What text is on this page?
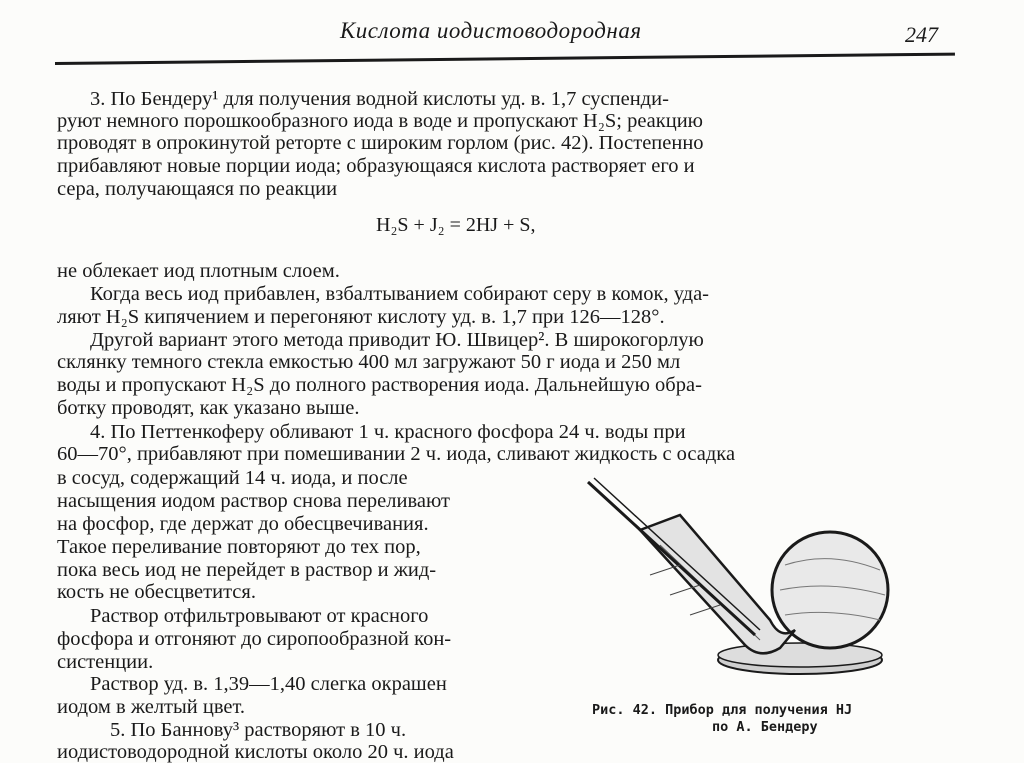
Кислота иодистоводородная	247
3. По Бендеру¹ для получения водной кислоты уд. в. 1,7 суспенди-
руют немного порошкообразного иода в воде и пропускают H₂S; реакцию
проводят в опрокинутой реторте с широким горлом (рис. 42). Постепенно
прибавляют новые порции иода; образующаяся кислота растворяет его и
сера, получающаяся по реакции
H₂S + J₂ = 2HJ + S,
не облекает иод плотным слоем.
Когда весь иод прибавлен, взбалтыванием собирают серу в комок, уда-
ляют H₂S кипячением и перегоняют кислоту уд. в. 1,7 при 126—128°.
Другой вариант этого метода приводит Ю. Швицер². В широкогорлую
склянку темного стекла емкостью 400 мл загружают 50 г иода и 250 мл
воды и пропускают H₂S до полного растворения иода. Дальнейшую обра-
ботку проводят, как указано выше.
4. По Петтенкоферу обливают 1 ч. красного фосфора 24 ч. воды при
60—70°, прибавляют при помешивании 2 ч. иода, сливают жидкость с осадка
в сосуд, содержащий 14 ч. иода, и после
насыщения иодом раствор снова переливают
на фосфор, где держат до обесцвечивания.
Такое переливание повторяют до тех пор,
пока весь иод не перейдет в раствор и жид-
кость не обесцветится.
Раствор отфильтровывают от красного
фосфора и отгоняют до сиропообразной кон-
систенции.
Раствор уд. в. 1,39—1,40 слегка окрашен
иодом в желтый цвет.
5. По Баннову³ растворяют в 10 ч.
иодистоводородной кислоты около 20 ч. иода
Рис. 42. Прибор для получения HJ
по А. Бендеру
